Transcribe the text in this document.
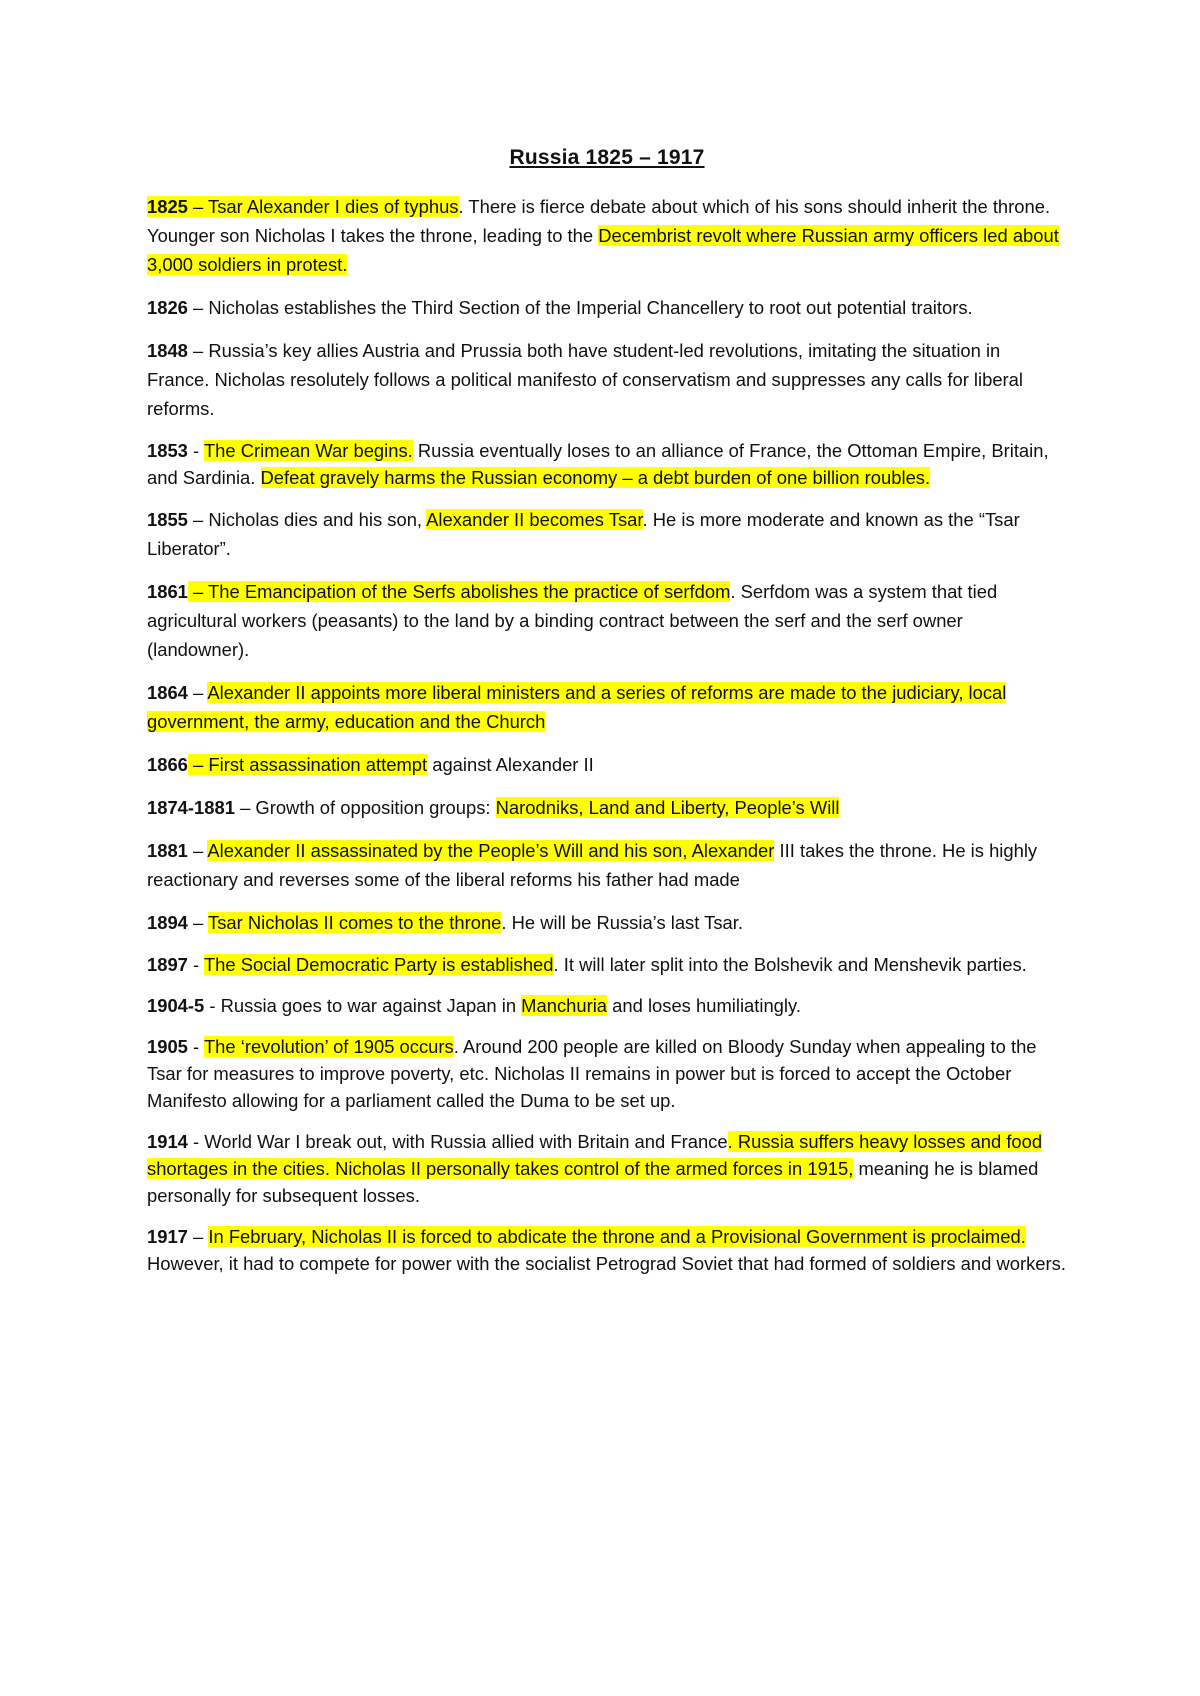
Russia 1825 – 1917

1825 – Tsar Alexander I dies of typhus. There is fierce debate about which of his sons should inherit the throne. Younger son Nicholas I takes the throne, leading to the Decembrist revolt where Russian army officers led about 3,000 soldiers in protest.

1826 – Nicholas establishes the Third Section of the Imperial Chancellery to root out potential traitors.

1848 – Russia’s key allies Austria and Prussia both have student-led revolutions, imitating the situation in France. Nicholas resolutely follows a political manifesto of conservatism and suppresses any calls for liberal reforms.

1853 - The Crimean War begins. Russia eventually loses to an alliance of France, the Ottoman Empire, Britain, and Sardinia. Defeat gravely harms the Russian economy – a debt burden of one billion roubles.

1855 – Nicholas dies and his son, Alexander II becomes Tsar. He is more moderate and known as the “Tsar Liberator”.

1861 – The Emancipation of the Serfs abolishes the practice of serfdom. Serfdom was a system that tied agricultural workers (peasants) to the land by a binding contract between the serf and the serf owner (landowner).

1864 – Alexander II appoints more liberal ministers and a series of reforms are made to the judiciary, local government, the army, education and the Church

1866 – First assassination attempt against Alexander II

1874-1881 – Growth of opposition groups: Narodniks, Land and Liberty, People’s Will

1881 – Alexander II assassinated by the People’s Will and his son, Alexander III takes the throne. He is highly reactionary and reverses some of the liberal reforms his father had made

1894 – Tsar Nicholas II comes to the throne. He will be Russia’s last Tsar.

1897 - The Social Democratic Party is established. It will later split into the Bolshevik and Menshevik parties.

1904-5 - Russia goes to war against Japan in Manchuria and loses humiliatingly.

1905 - The ‘revolution’ of 1905 occurs. Around 200 people are killed on Bloody Sunday when appealing to the Tsar for measures to improve poverty, etc. Nicholas II remains in power but is forced to accept the October Manifesto allowing for a parliament called the Duma to be set up.

1914 - World War I break out, with Russia allied with Britain and France. Russia suffers heavy losses and food shortages in the cities. Nicholas II personally takes control of the armed forces in 1915, meaning he is blamed personally for subsequent losses.

1917 – In February, Nicholas II is forced to abdicate the throne and a Provisional Government is proclaimed. However, it had to compete for power with the socialist Petrograd Soviet that had formed of soldiers and workers.
